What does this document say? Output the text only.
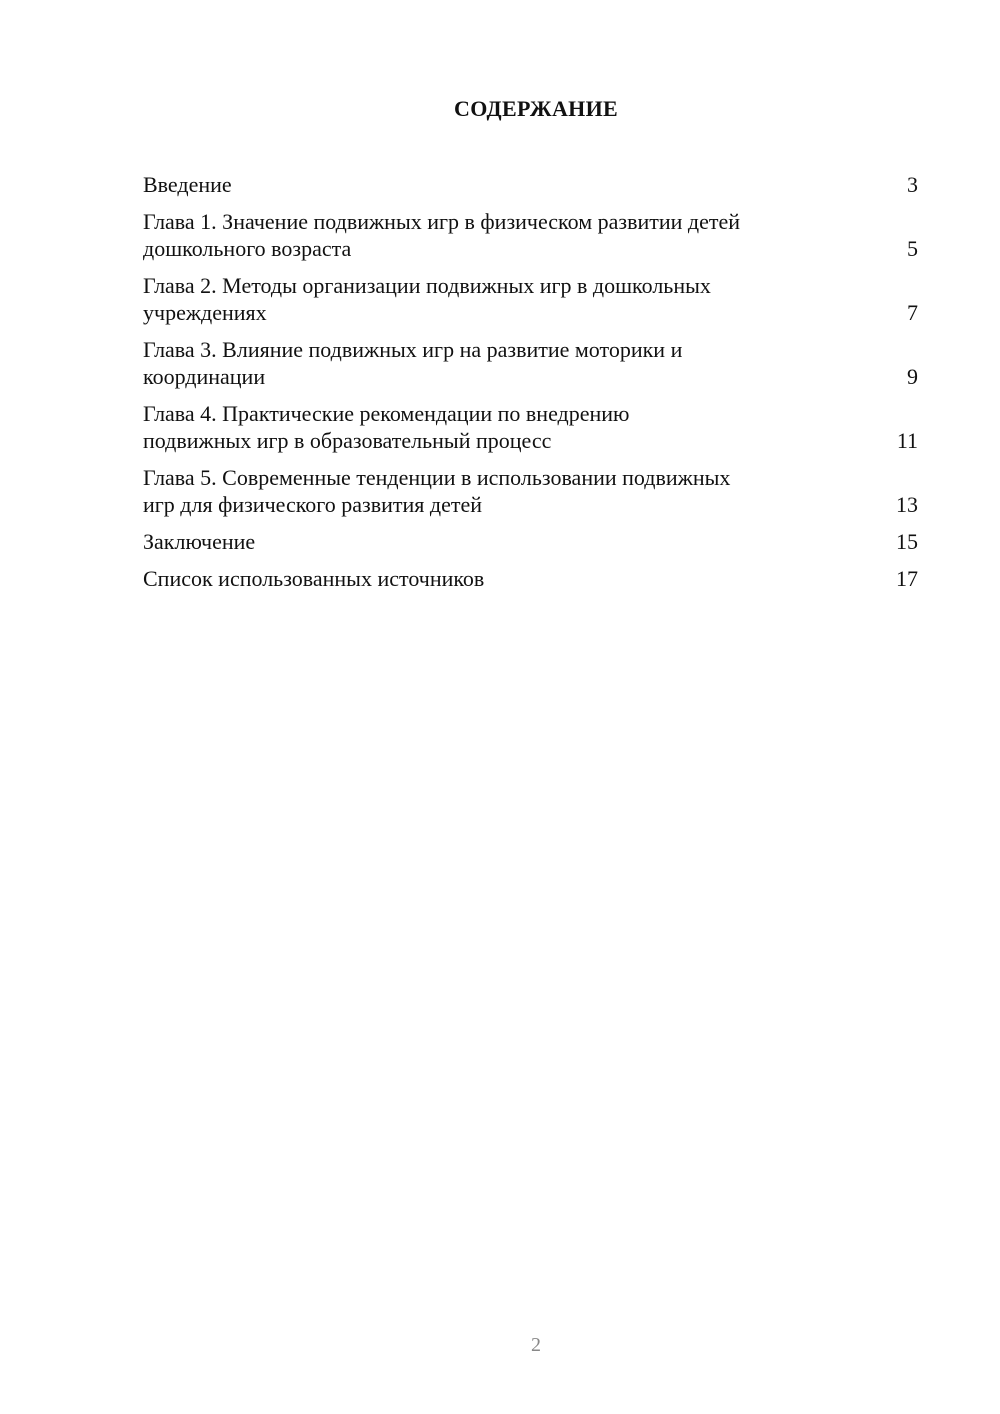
СОДЕРЖАНИЕ
Введение	3
Глава 1. Значение подвижных игр в физическом развитии детей
дошкольного возраста	5
Глава 2. Методы организации подвижных игр в дошкольных
учреждениях	7
Глава 3. Влияние подвижных игр на развитие моторики и
координации	9
Глава 4. Практические рекомендации по внедрению
подвижных игр в образовательный процесс	11
Глава 5. Современные тенденции в использовании подвижных
игр для физического развития детей	13
Заключение	15
Список использованных источников	17
2
